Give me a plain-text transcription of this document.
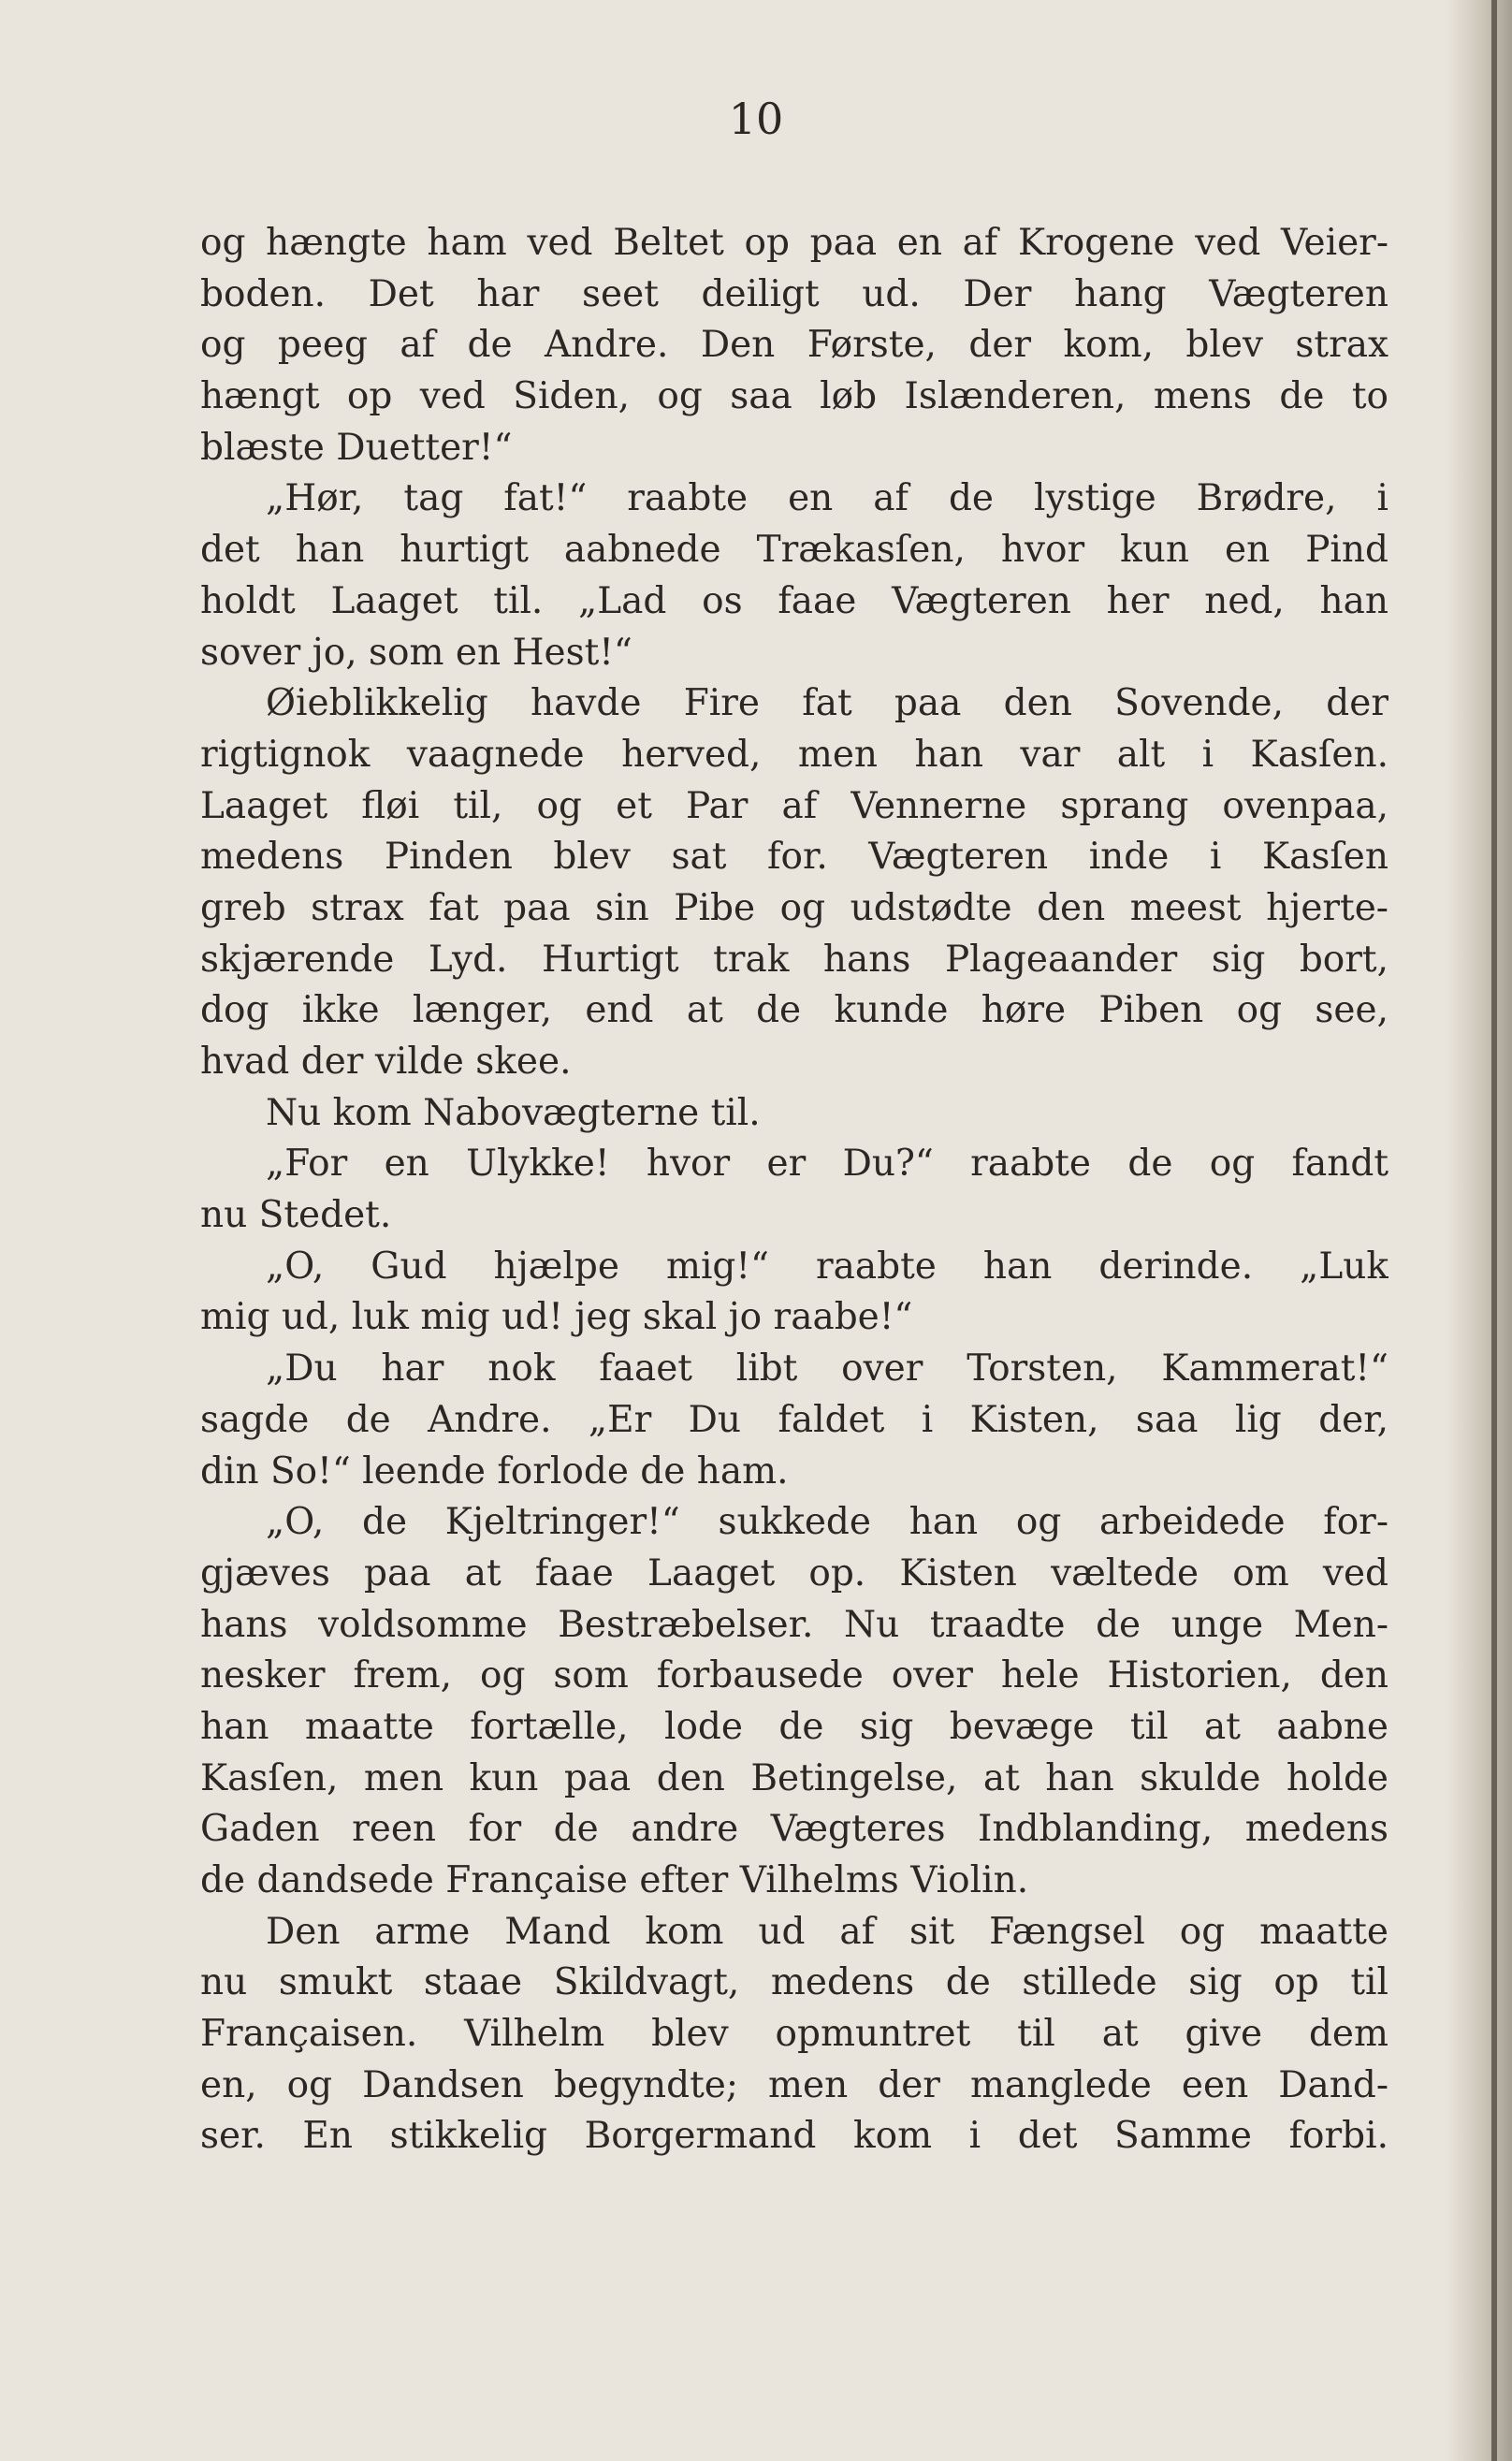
10
og hængte ham ved Beltet op paa en af Krogene ved Veier-
boden. Det har seet deiligt ud. Der hang Vægteren
og peeg af de Andre. Den Første, der kom, blev strax
hængt op ved Siden, og saa løb Islænderen, mens de to
blæste Duetter!“
„Hør, tag fat!“ raabte en af de lystige Brødre, i
det han hurtigt aabnede Trækasſen, hvor kun en Pind
holdt Laaget til. „Lad os faae Vægteren her ned, han
sover jo, som en Hest!“
Øieblikkelig havde Fire fat paa den Sovende, der
rigtignok vaagnede herved, men han var alt i Kasſen.
Laaget fløi til, og et Par af Vennerne sprang ovenpaa,
medens Pinden blev sat for. Vægteren inde i Kasſen
greb strax fat paa sin Pibe og udstødte den meest hjerte-
skjærende Lyd. Hurtigt trak hans Plageaander sig bort,
dog ikke længer, end at de kunde høre Piben og see,
hvad der vilde skee.
Nu kom Nabovægterne til.
„For en Ulykke! hvor er Du?“ raabte de og fandt
nu Stedet.
„O, Gud hjælpe mig!“ raabte han derinde. „Luk
mig ud, luk mig ud! jeg skal jo raabe!“
„Du har nok faaet libt over Torsten, Kammerat!“
sagde de Andre. „Er Du faldet i Kisten, saa lig der,
din So!“ leende forlode de ham.
„O, de Kjeltringer!“ sukkede han og arbeidede for-
gjæves paa at faae Laaget op. Kisten væltede om ved
hans voldsomme Bestræbelser. Nu traadte de unge Men-
nesker frem, og som forbausede over hele Historien, den
han maatte fortælle, lode de sig bevæge til at aabne
Kasſen, men kun paa den Betingelse, at han skulde holde
Gaden reen for de andre Vægteres Indblanding, medens
de dandsede Française efter Vilhelms Violin.
Den arme Mand kom ud af sit Fængsel og maatte
nu smukt staae Skildvagt, medens de stillede sig op til
Françaisen. Vilhelm blev opmuntret til at give dem
en, og Dandsen begyndte; men der manglede een Dand-
ser. En stikkelig Borgermand kom i det Samme forbi.
